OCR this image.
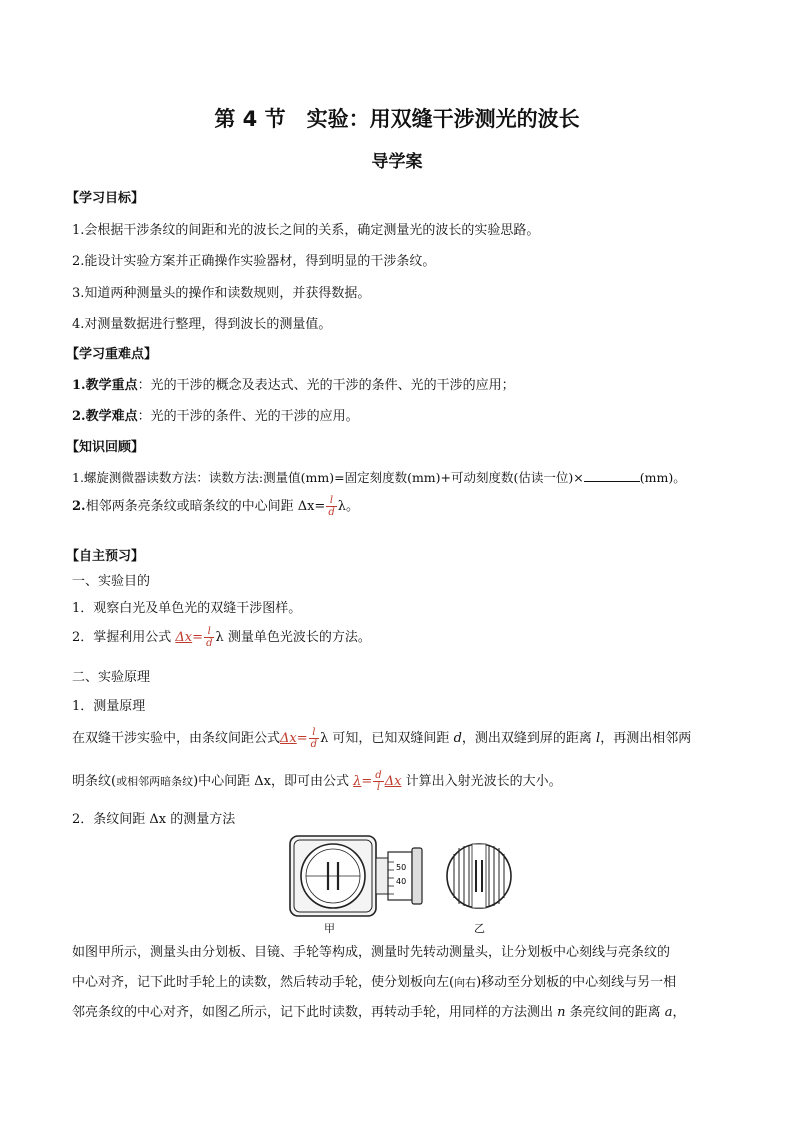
第 4 节　实验：用双缝干涉测光的波长
导学案
【学习目标】
1.会根据干涉条纹的间距和光的波长之间的关系，确定测量光的波长的实验思路。
2.能设计实验方案并正确操作实验器材，得到明显的干涉条纹。
3.知道两种测量头的操作和读数规则，并获得数据。
4.对测量数据进行整理，得到波长的测量值。
【学习重难点】
1.教学重点：光的干涉的概念及表达式、光的干涉的条件、光的干涉的应用；
2.教学难点：光的干涉的条件、光的干涉的应用。
【知识回顾】
1.螺旋测微器读数方法：读数方法:测量值(mm)=固定刻度数(mm)+可动刻度数(估读一位)×	(mm)。
2.相邻两条亮条纹或暗条纹的中心间距 $\Delta x= \frac{l}{d}$ λ。
【自主预习】
一、实验目的
1．观察白光及单色光的双缝干涉图样。
2．掌握利用公式 $\Delta x= \frac{l}{d}$ λ 测量单色光波长的方法。
二、实验原理
1．测量原理
在双缝干涉实验中，由条纹间距公式$\Delta x= \frac{l}{d}$ λ 可知，已知双缝间距 d，测出双缝到屏的距离 l，再测出相邻两
明条纹(或相邻两暗条纹)中心间距 Δx，即可由公式 $\lambda= \frac{d}{l}$ Δx 计算出入射光波长的大小。
2．条纹间距 Δx 的测量方法
50
40
甲	乙
如图甲所示，测量头由分划板、目镜、手轮等构成，测量时先转动测量头，让分划板中心刻线与亮条纹的
中心对齐，记下此时手轮上的读数，然后转动手轮，使分划板向左(向右)移动至分划板的中心刻线与另一相
邻亮条纹的中心对齐，如图乙所示，记下此时读数，再转动手轮，用同样的方法测出 n 条亮纹间的距离 a，
